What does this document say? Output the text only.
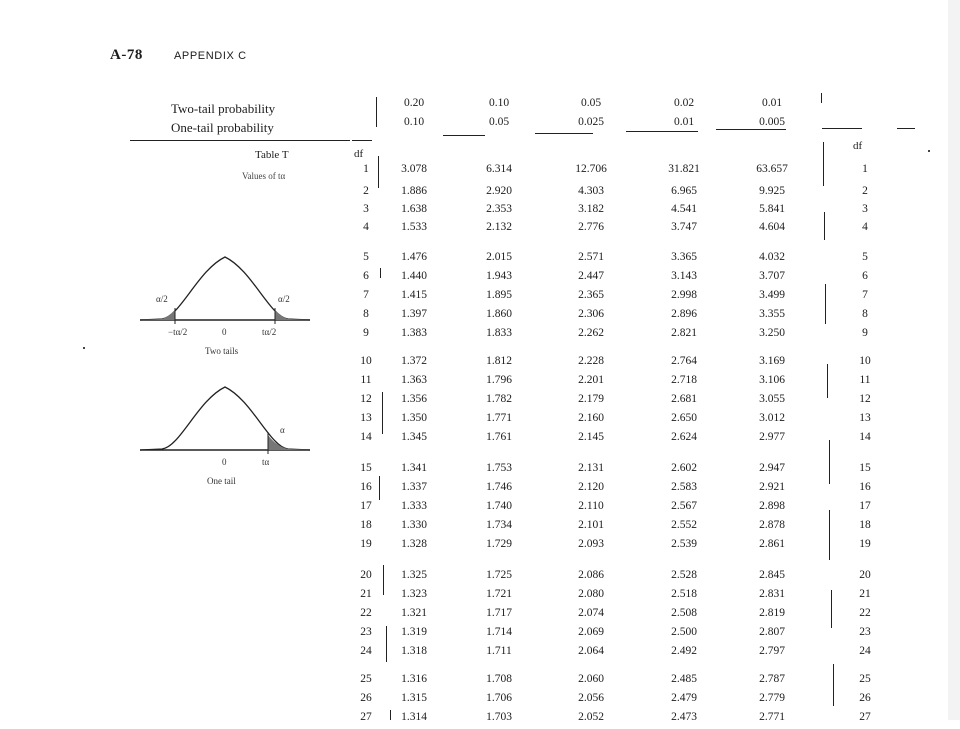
A-78	APPENDIX C
Two-tail probability
One-tail probability
0.20	0.10	0.05	0.02	0.01
0.10	0.05	0.025	0.01	0.005
Table T
Values of tα
df
df
α/2	α/2
−tα/2	0	tα/2
Two tails
α
0	tα
One tail
1	3.078	6.314	12.706	31.821	63.657	1
2	1.886	2.920	4.303	6.965	9.925	2
3	1.638	2.353	3.182	4.541	5.841	3
4	1.533	2.132	2.776	3.747	4.604	4
5	1.476	2.015	2.571	3.365	4.032	5
6	1.440	1.943	2.447	3.143	3.707	6
7	1.415	1.895	2.365	2.998	3.499	7
8	1.397	1.860	2.306	2.896	3.355	8
9	1.383	1.833	2.262	2.821	3.250	9
10	1.372	1.812	2.228	2.764	3.169	10
11	1.363	1.796	2.201	2.718	3.106	11
12	1.356	1.782	2.179	2.681	3.055	12
13	1.350	1.771	2.160	2.650	3.012	13
14	1.345	1.761	2.145	2.624	2.977	14
15	1.341	1.753	2.131	2.602	2.947	15
16	1.337	1.746	2.120	2.583	2.921	16
17	1.333	1.740	2.110	2.567	2.898	17
18	1.330	1.734	2.101	2.552	2.878	18
19	1.328	1.729	2.093	2.539	2.861	19
20	1.325	1.725	2.086	2.528	2.845	20
21	1.323	1.721	2.080	2.518	2.831	21
22	1.321	1.717	2.074	2.508	2.819	22
23	1.319	1.714	2.069	2.500	2.807	23
24	1.318	1.711	2.064	2.492	2.797	24
25	1.316	1.708	2.060	2.485	2.787	25
26	1.315	1.706	2.056	2.479	2.779	26
27	1.314	1.703	2.052	2.473	2.771	27
